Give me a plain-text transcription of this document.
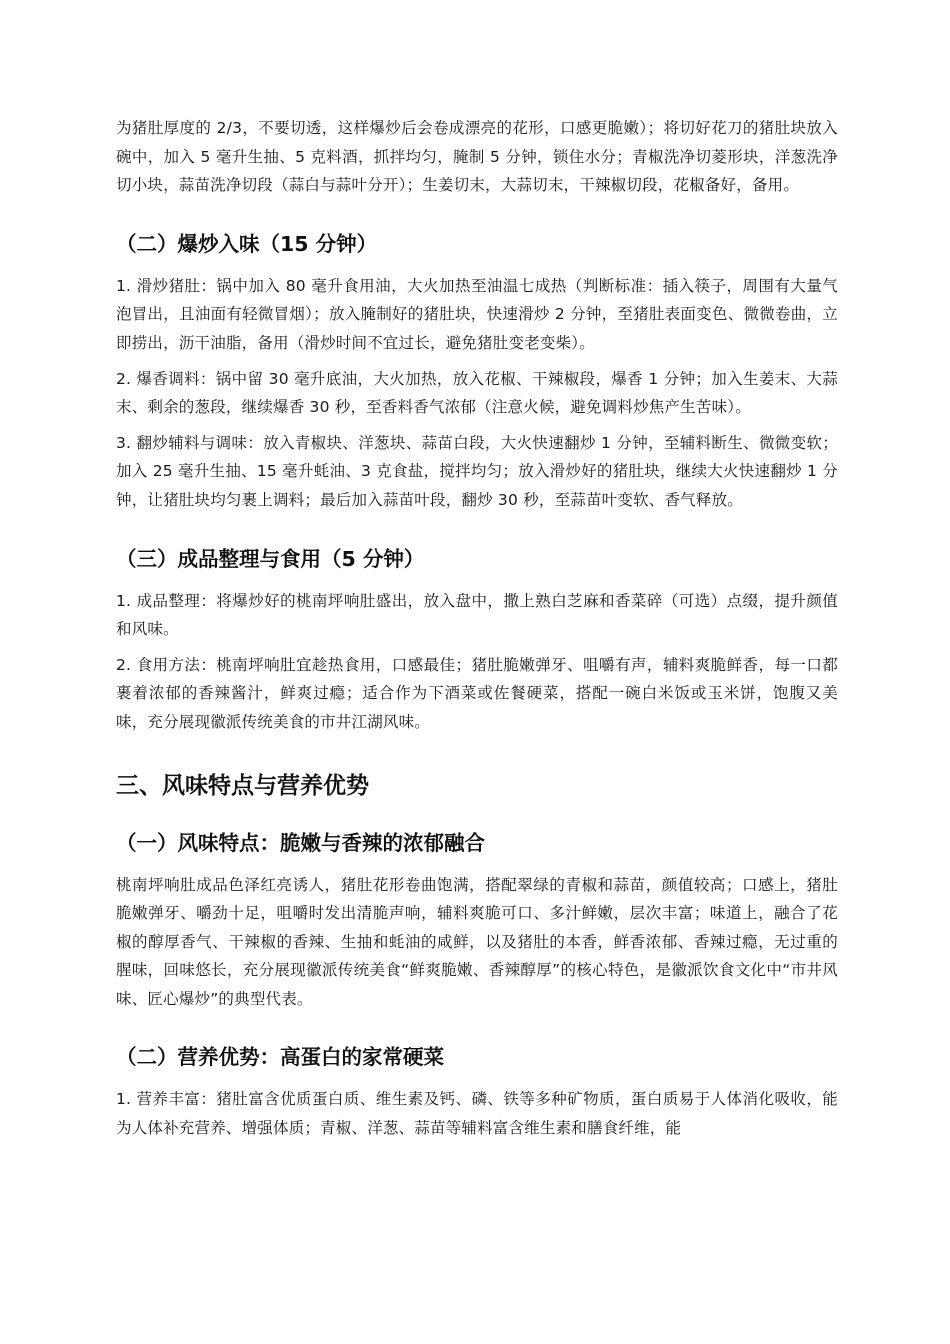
为猪肚厚度的 2/3，不要切透，这样爆炒后会卷成漂亮的花形，口感更脆嫩）；将切好花刀的猪肚块放入碗中，加入 5 毫升生抽、5 克料酒，抓拌均匀，腌制 5 分钟，锁住水分；青椒洗净切菱形块，洋葱洗净切小块，蒜苗洗净切段（蒜白与蒜叶分开）；生姜切末，大蒜切末，干辣椒切段，花椒备好，备用。

（二）爆炒入味（15 分钟）

1. 滑炒猪肚：锅中加入 80 毫升食用油，大火加热至油温七成热（判断标准：插入筷子，周围有大量气泡冒出，且油面有轻微冒烟）；放入腌制好的猪肚块，快速滑炒 2 分钟，至猪肚表面变色、微微卷曲，立即捞出，沥干油脂，备用（滑炒时间不宜过长，避免猪肚变老变柴）。

2. 爆香调料：锅中留 30 毫升底油，大火加热，放入花椒、干辣椒段，爆香 1 分钟；加入生姜末、大蒜末、剩余的葱段，继续爆香 30 秒，至香料香气浓郁（注意火候，避免调料炒焦产生苦味）。

3. 翻炒辅料与调味：放入青椒块、洋葱块、蒜苗白段，大火快速翻炒 1 分钟，至辅料断生、微微变软；加入 25 毫升生抽、15 毫升蚝油、3 克食盐，搅拌均匀；放入滑炒好的猪肚块，继续大火快速翻炒 1 分钟，让猪肚块均匀裹上调料；最后加入蒜苗叶段，翻炒 30 秒，至蒜苗叶变软、香气释放。

（三）成品整理与食用（5 分钟）

1. 成品整理：将爆炒好的桃南坪响肚盛出，放入盘中，撒上熟白芝麻和香菜碎（可选）点缀，提升颜值和风味。

2. 食用方法：桃南坪响肚宜趁热食用，口感最佳；猪肚脆嫩弹牙、咀嚼有声，辅料爽脆鲜香，每一口都裹着浓郁的香辣酱汁，鲜爽过瘾；适合作为下酒菜或佐餐硬菜，搭配一碗白米饭或玉米饼，饱腹又美味，充分展现徽派传统美食的市井江湖风味。

三、风味特点与营养优势
（一）风味特点：脆嫩与香辣的浓郁融合

桃南坪响肚成品色泽红亮诱人，猪肚花形卷曲饱满，搭配翠绿的青椒和蒜苗，颜值较高；口感上，猪肚脆嫩弹牙、嚼劲十足，咀嚼时发出清脆声响，辅料爽脆可口、多汁鲜嫩，层次丰富；味道上，融合了花椒的醇厚香气、干辣椒的香辣、生抽和蚝油的咸鲜，以及猪肚的本香，鲜香浓郁、香辣过瘾，无过重的腥味，回味悠长，充分展现徽派传统美食“鲜爽脆嫩、香辣醇厚”的核心特色，是徽派饮食文化中“市井风味、匠心爆炒”的典型代表。

（二）营养优势：高蛋白的家常硬菜

1. 营养丰富：猪肚富含优质蛋白质、维生素及钙、磷、铁等多种矿物质，蛋白质易于人体消化吸收，能为人体补充营养、增强体质；青椒、洋葱、蒜苗等辅料富含维生素和膳食纤维，能
